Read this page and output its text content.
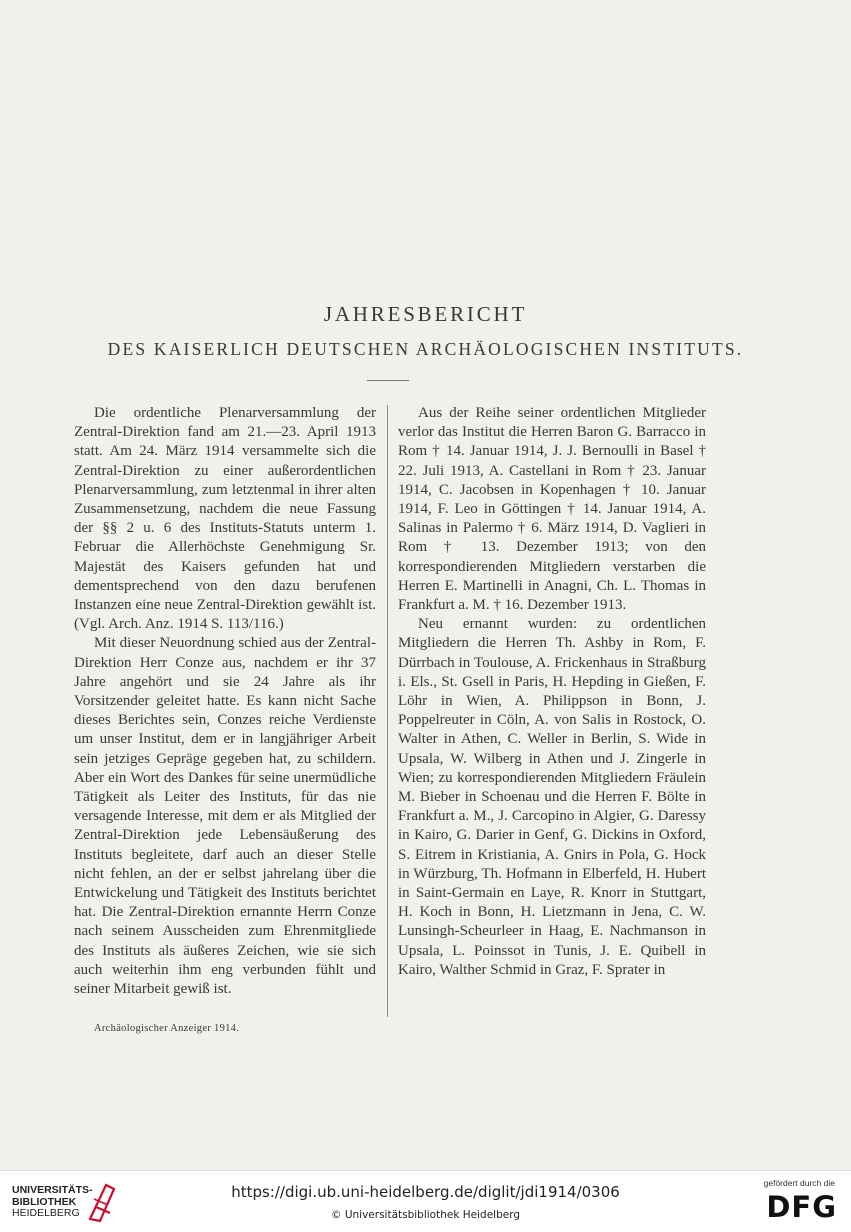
JAHRESBERICHT
DES KAISERLICH DEUTSCHEN ARCHÄOLOGISCHEN INSTITUTS.

Die ordentliche Plenarversammlung der Zentral-Direktion fand am 21.—23. April 1913 statt. Am 24. März 1914 versammelte sich die Zentral-Direktion zu einer außerordentlichen Plenarversammlung, zum letztenmal in ihrer alten Zusammensetzung, nachdem die neue Fassung der §§ 2 u. 6 des Instituts-Statuts unterm 1. Februar die Allerhöchste Genehmigung Sr. Majestät des Kaisers gefunden hat und dementsprechend von den dazu berufenen Instanzen eine neue Zentral-Direktion gewählt ist. (Vgl. Arch. Anz. 1914 S. 113/116.)

Mit dieser Neuordnung schied aus der Zentral-Direktion Herr Conze aus, nachdem er ihr 37 Jahre angehört und sie 24 Jahre als ihr Vorsitzender geleitet hatte. Es kann nicht Sache dieses Berichtes sein, Conzes reiche Verdienste um unser Institut, dem er in langjähriger Arbeit sein jetziges Gepräge gegeben hat, zu schildern. Aber ein Wort des Dankes für seine unermüdliche Tätigkeit als Leiter des Instituts, für das nie versagende Interesse, mit dem er als Mitglied der Zentral-Direktion jede Lebensäußerung des Instituts begleitete, darf auch an dieser Stelle nicht fehlen, an der er selbst jahrelang über die Entwickelung und Tätigkeit des Instituts berichtet hat. Die Zentral-Direktion ernannte Herrn Conze nach seinem Ausscheiden zum Ehrenmitgliede des Instituts als äußeres Zeichen, wie sie sich auch weiterhin ihm eng verbunden fühlt und seiner Mitarbeit gewiß ist.

Aus der Reihe seiner ordentlichen Mitglieder verlor das Institut die Herren Baron G. Barracco in Rom † 14. Januar 1914, J. J. Bernoulli in Basel † 22. Juli 1913, A. Castellani in Rom † 23. Januar 1914, C. Jacobsen in Kopenhagen † 10. Januar 1914, F. Leo in Göttingen † 14. Januar 1914, A. Salinas in Palermo † 6. März 1914, D. Vaglieri in Rom † 13. Dezember 1913; von den korrespondierenden Mitgliedern verstarben die Herren E. Martinelli in Anagni, Ch. L. Thomas in Frankfurt a. M. † 16. Dezember 1913.

Neu ernannt wurden: zu ordentlichen Mitgliedern die Herren Th. Ashby in Rom, F. Dürrbach in Toulouse, A. Frickenhaus in Straßburg i. Els., St. Gsell in Paris, H. Hepding in Gießen, F. Löhr in Wien, A. Philippson in Bonn, J. Poppelreuter in Cöln, A. von Salis in Rostock, O. Walter in Athen, C. Weller in Berlin, S. Wide in Upsala, W. Wilberg in Athen und J. Zingerle in Wien; zu korrespondierenden Mitgliedern Fräulein M. Bieber in Schoenau und die Herren F. Bölte in Frankfurt a. M., J. Carcopino in Algier, G. Daressy in Kairo, G. Darier in Genf, G. Dickins in Oxford, S. Eitrem in Kristiania, A. Gnirs in Pola, G. Hock in Würzburg, Th. Hofmann in Elberfeld, H. Hubert in Saint-Germain en Laye, R. Knorr in Stuttgart, H. Koch in Bonn, H. Lietzmann in Jena, C. W. Lunsingh-Scheurleer in Haag, E. Nachmanson in Upsala, L. Poinssot in Tunis, J. E. Quibell in Kairo, Walther Schmid in Graz, F. Sprater in

Archäologischer Anzeiger 1914.
UNIVERSITÄTS-
BIBLIOTHEK
HEIDELBERG
https://digi.ub.uni-heidelberg.de/diglit/jdi1914/0306
© Universitätsbibliothek Heidelberg
gefördert durch die
DFG
